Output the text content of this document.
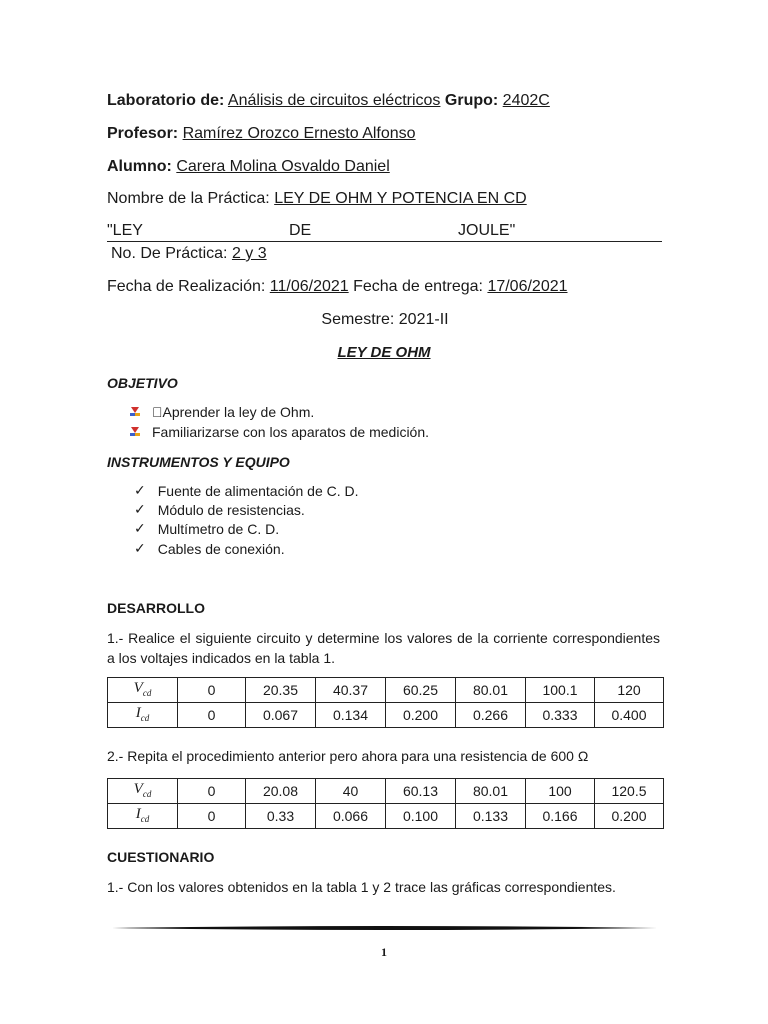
Laboratorio de: Análisis de circuitos eléctricos Grupo: 2402C
Profesor: Ramírez Orozco Ernesto Alfonso
Alumno: Carera Molina Osvaldo Daniel
Nombre de la Práctica: LEY DE OHM Y POTENCIA EN CD
"LEY	DE	JOULE"
No. De Práctica: 2 y 3
Fecha de Realización: 11/06/2021 Fecha de entrega: 17/06/2021
Semestre: 2021-II
LEY DE OHM
OBJETIVO
Aprender la ley de Ohm.
Familiarizarse con los aparatos de medición.
INSTRUMENTOS Y EQUIPO
✓ Fuente de alimentación de C. D.
✓ Módulo de resistencias.
✓ Multímetro de C. D.
✓ Cables de conexión.
DESARROLLO
1.- Realice el siguiente circuito y determine los valores de la corriente correspondientes a los voltajes indicados en la tabla 1.
$V_{cd}$	0	20.35	40.37	60.25	80.01	100.1	120
$I_{cd}$	0	0.067	0.134	0.200	0.266	0.333	0.400
2.- Repita el procedimiento anterior pero ahora para una resistencia de 600 Ω
$V_{cd}$	0	20.08	40	60.13	80.01	100	120.5
$I_{cd}$	0	0.33	0.066	0.100	0.133	0.166	0.200
CUESTIONARIO
1.- Con los valores obtenidos en la tabla 1 y 2 trace las gráficas correspondientes.
1
